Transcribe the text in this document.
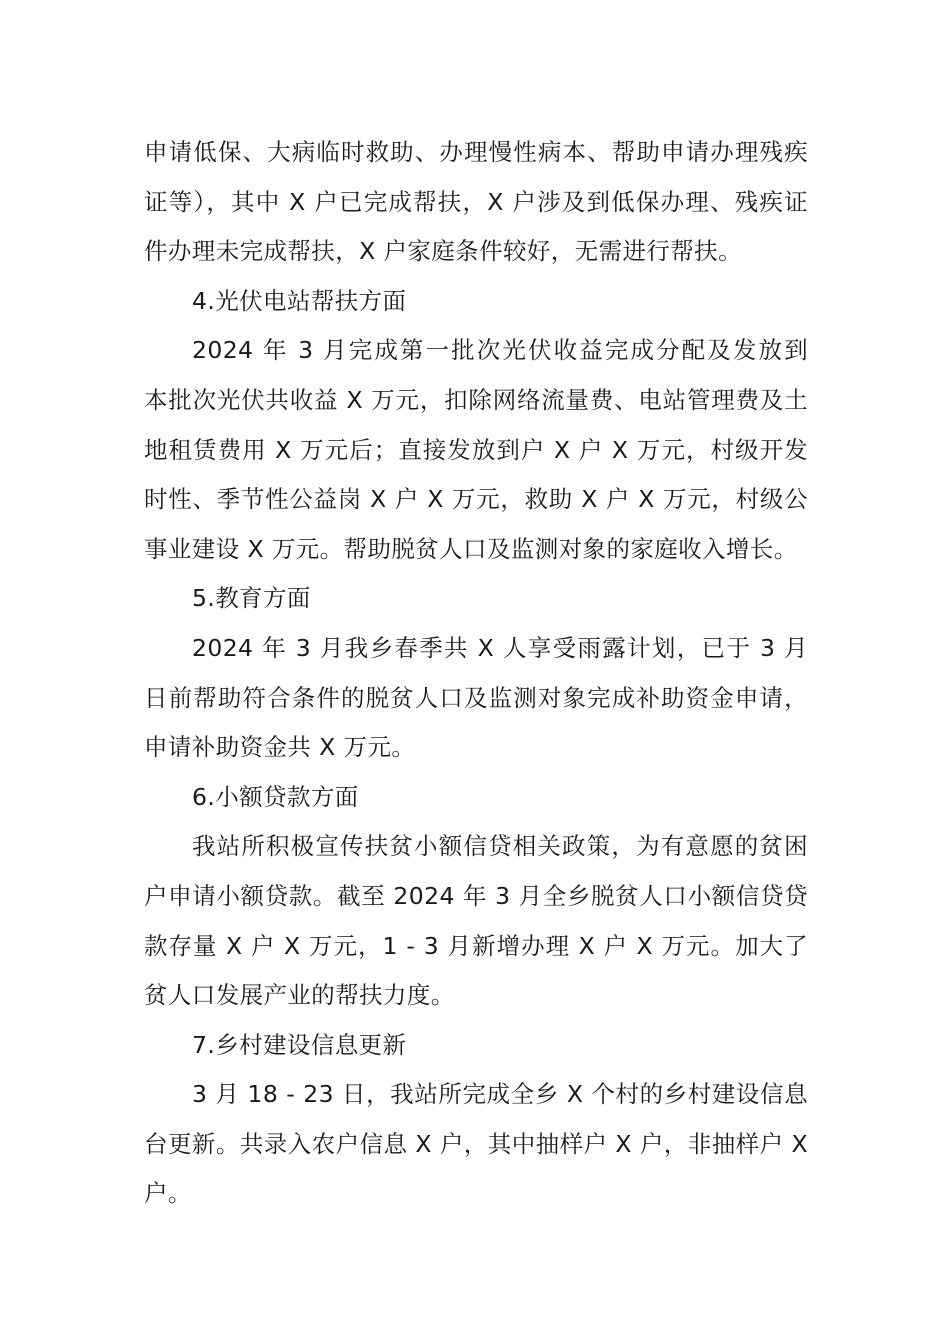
申请低保、大病临时救助、办理慢性病本、帮助申请办理残疾
证等），其中 X 户已完成帮扶，X 户涉及到低保办理、残疾证
件办理未完成帮扶，X 户家庭条件较好，无需进行帮扶。
4.光伏电站帮扶方面
2024 年 3 月完成第一批次光伏收益完成分配及发放到
本批次光伏共收益 X 万元，扣除网络流量费、电站管理费及土
地租赁费用 X 万元后；直接发放到户 X 户 X 万元，村级开发
时性、季节性公益岗 X 户 X 万元，救助 X 户 X 万元，村级公
事业建设 X 万元。帮助脱贫人口及监测对象的家庭收入增长。
5.教育方面
2024 年 3 月我乡春季共 X 人享受雨露计划，已于 3 月
日前帮助符合条件的脱贫人口及监测对象完成补助资金申请，
申请补助资金共 X 万元。
6.小额贷款方面
我站所积极宣传扶贫小额信贷相关政策，为有意愿的贫困
户申请小额贷款。截至 2024 年 3 月全乡脱贫人口小额信贷贷
款存量 X 户 X 万元，1 - 3 月新增办理 X 户 X 万元。加大了
贫人口发展产业的帮扶力度。
7.乡村建设信息更新
3 月 18 - 23 日，我站所完成全乡 X 个村的乡村建设信息
台更新。共录入农户信息 X 户，其中抽样户 X 户，非抽样户 X
户。
